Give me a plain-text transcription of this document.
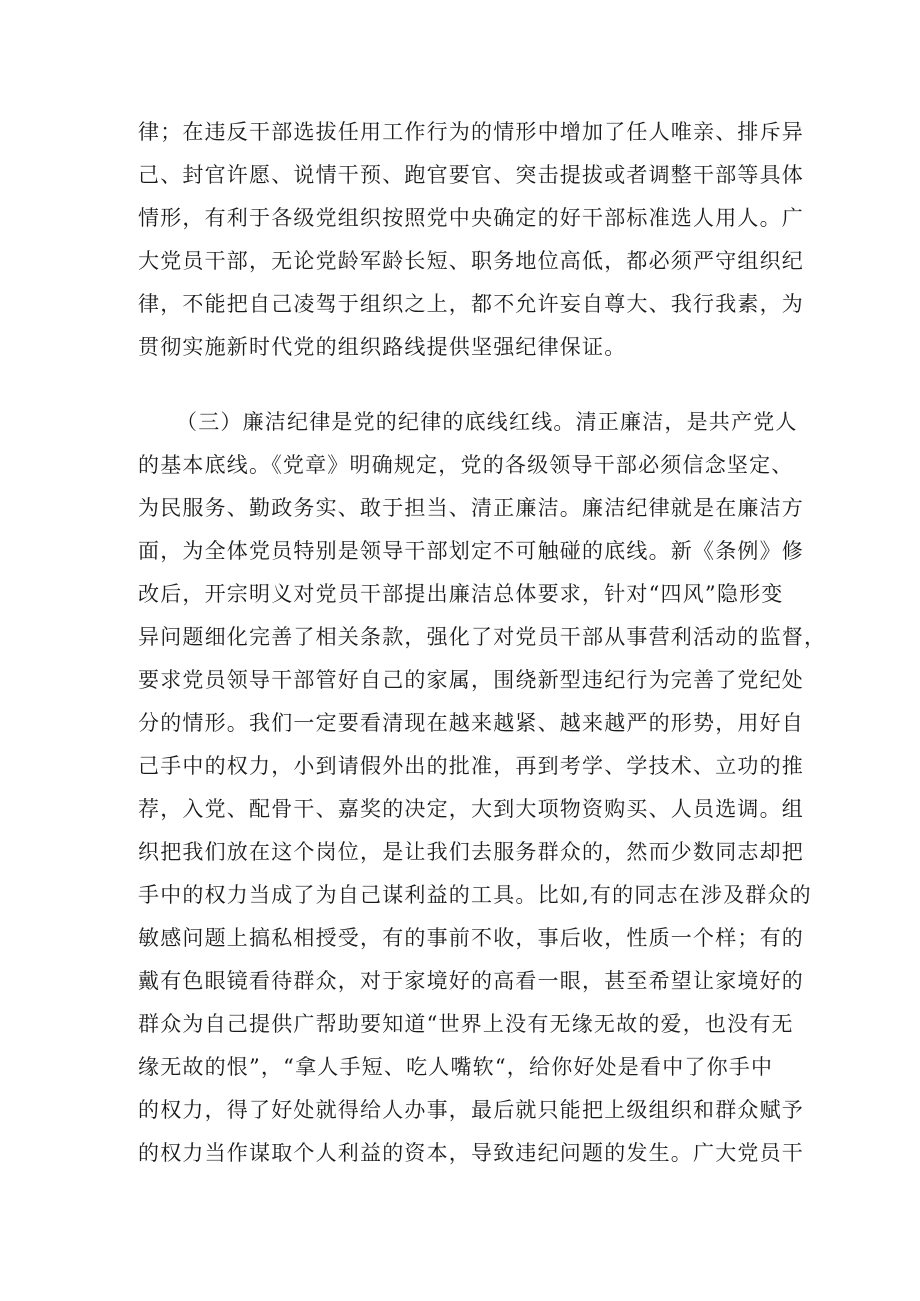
律；在违反干部选拔任用工作行为的情形中增加了任人唯亲、排斥异
己、封官许愿、说情干预、跑官要官、突击提拔或者调整干部等具体
情形，有利于各级党组织按照党中央确定的好干部标准选人用人。广
大党员干部，无论党龄军龄长短、职务地位高低，都必须严守组织纪
律，不能把自己凌驾于组织之上，都不允许妄自尊大、我行我素，为
贯彻实施新时代党的组织路线提供坚强纪律保证。
（三）廉洁纪律是党的纪律的底线红线。清正廉洁，是共产党人
的基本底线。《党章》明确规定，党的各级领导干部必须信念坚定、
为民服务、勤政务实、敢于担当、清正廉洁。廉洁纪律就是在廉洁方
面，为全体党员特别是领导干部划定不可触碰的底线。新《条例》修
改后，开宗明义对党员干部提出廉洁总体要求，针对“四风”隐形变
异问题细化完善了相关条款，强化了对党员干部从事营利活动的监督，
要求党员领导干部管好自己的家属，围绕新型违纪行为完善了党纪处
分的情形。我们一定要看清现在越来越紧、越来越严的形势，用好自
己手中的权力，小到请假外出的批准，再到考学、学技术、立功的推
荐，入党、配骨干、嘉奖的决定，大到大项物资购买、人员选调。组
织把我们放在这个岗位，是让我们去服务群众的，然而少数同志却把
手中的权力当成了为自己谋利益的工具。比如,有的同志在涉及群众的
敏感问题上搞私相授受，有的事前不收，事后收，性质一个样；有的
戴有色眼镜看待群众，对于家境好的高看一眼，甚至希望让家境好的
群众为自己提供广帮助要知道“世界上没有无缘无故的爱，也没有无
缘无故的恨”，“拿人手短、吃人嘴软“，给你好处是看中了你手中
的权力，得了好处就得给人办事，最后就只能把上级组织和群众赋予
的权力当作谋取个人利益的资本，导致违纪问题的发生。广大党员干
